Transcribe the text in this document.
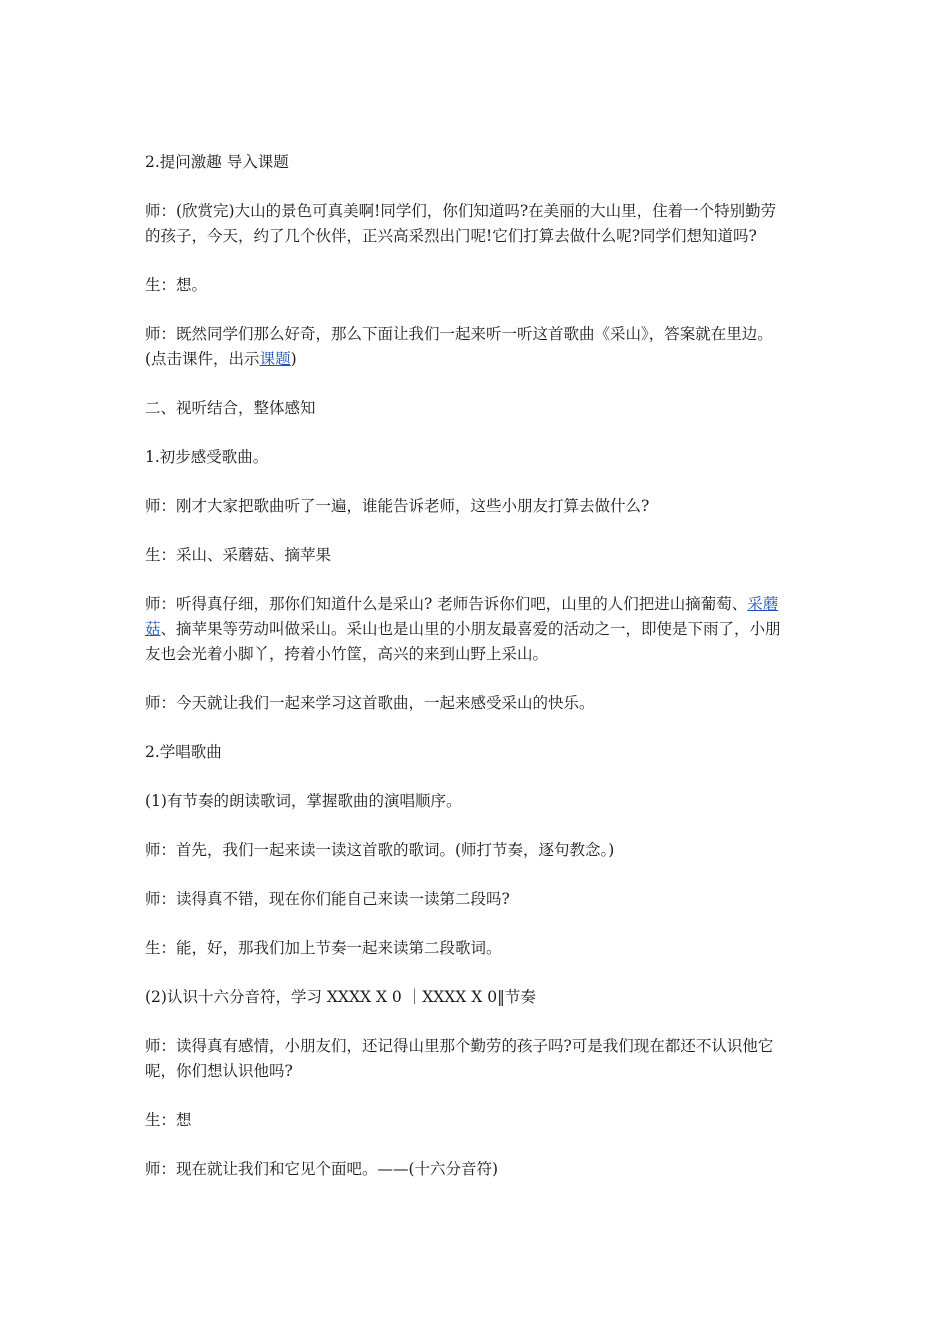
2.提问激趣 导入课题

师：(欣赏完)大山的景色可真美啊!同学们，你们知道吗?在美丽的大山里，住着一个特别勤劳
的孩子，今天，约了几个伙伴，正兴高采烈出门呢!它们打算去做什么呢?同学们想知道吗?

生：想。

师：既然同学们那么好奇，那么下面让我们一起来听一听这首歌曲《采山》，答案就在里边。
(点击课件，出示课题)

二、视听结合，整体感知

1.初步感受歌曲。

师：刚才大家把歌曲听了一遍，谁能告诉老师，这些小朋友打算去做什么?

生：采山、采蘑菇、摘苹果

师：听得真仔细，那你们知道什么是采山? 老师告诉你们吧，山里的人们把进山摘葡萄、采蘑
菇、摘苹果等劳动叫做采山。采山也是山里的小朋友最喜爱的活动之一，即使是下雨了，小朋
友也会光着小脚丫，挎着小竹筐，高兴的来到山野上采山。

师：今天就让我们一起来学习这首歌曲，一起来感受采山的快乐。

2.学唱歌曲

(1)有节奏的朗读歌词，掌握歌曲的演唱顺序。

师：首先，我们一起来读一读这首歌的歌词。(师打节奏，逐句教念。)

师：读得真不错，现在你们能自己来读一读第二段吗?

生：能，好，那我们加上节奏一起来读第二段歌词。

(2)认识十六分音符，学习 XXXX X 0 ｜XXXX X 0‖节奏

师：读得真有感情，小朋友们，还记得山里那个勤劳的孩子吗?可是我们现在都还不认识他它
呢，你们想认识他吗?

生：想

师：现在就让我们和它见个面吧。——(十六分音符)
